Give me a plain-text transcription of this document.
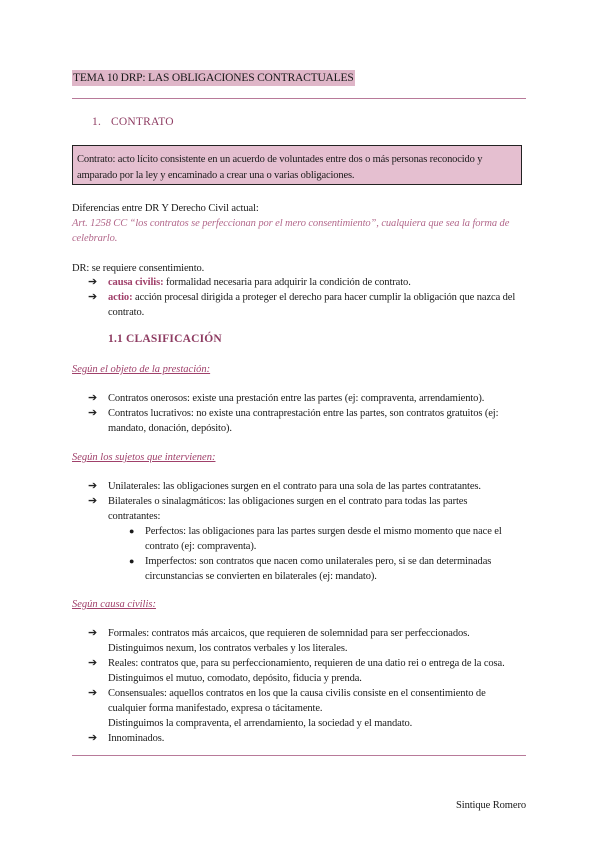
TEMA 10 DRP: LAS OBLIGACIONES CONTRACTUALES
1. CONTRATO
Contrato: acto lícito consistente en un acuerdo de voluntades entre dos o más personas reconocido y amparado por la ley y encaminado a crear una o varias obligaciones.
Diferencias entre DR Y Derecho Civil actual:
Art. 1258 CC “los contratos se perfeccionan por el mero consentimiento”, cualquiera que sea la forma de celebrarlo.
DR: se requiere consentimiento.
➔ causa civilis: formalidad necesaria para adquirir la condición de contrato.
➔ actio: acción procesal dirigida a proteger el derecho para hacer cumplir la obligación que nazca del contrato.
1.1 CLASIFICACIÓN
Según el objeto de la prestación:
➔ Contratos onerosos: existe una prestación entre las partes (ej: compraventa, arrendamiento).
➔ Contratos lucrativos: no existe una contraprestación entre las partes, son contratos gratuitos (ej: mandato, donación, depósito).
Según los sujetos que intervienen:
➔ Unilaterales: las obligaciones surgen en el contrato para una sola de las partes contratantes.
➔ Bilaterales o sinalagmáticos: las obligaciones surgen en el contrato para todas las partes contratantes:
● Perfectos: las obligaciones para las partes surgen desde el mismo momento que nace el contrato (ej: compraventa).
● Imperfectos: son contratos que nacen como unilaterales pero, si se dan determinadas circunstancias se convierten en bilaterales (ej: mandato).
Según causa civilis:
➔ Formales: contratos más arcaicos, que requieren de solemnidad para ser perfeccionados. Distinguimos nexum, los contratos verbales y los literales.
➔ Reales: contratos que, para su perfeccionamiento, requieren de una datio rei o entrega de la cosa. Distinguimos el mutuo, comodato, depósito, fiducia y prenda.
➔ Consensuales: aquellos contratos en los que la causa civilis consiste en el consentimiento de cualquier forma manifestado, expresa o tácitamente.
Distinguimos la compraventa, el arrendamiento, la sociedad y el mandato.
➔ Innominados.
Sintique Romero
